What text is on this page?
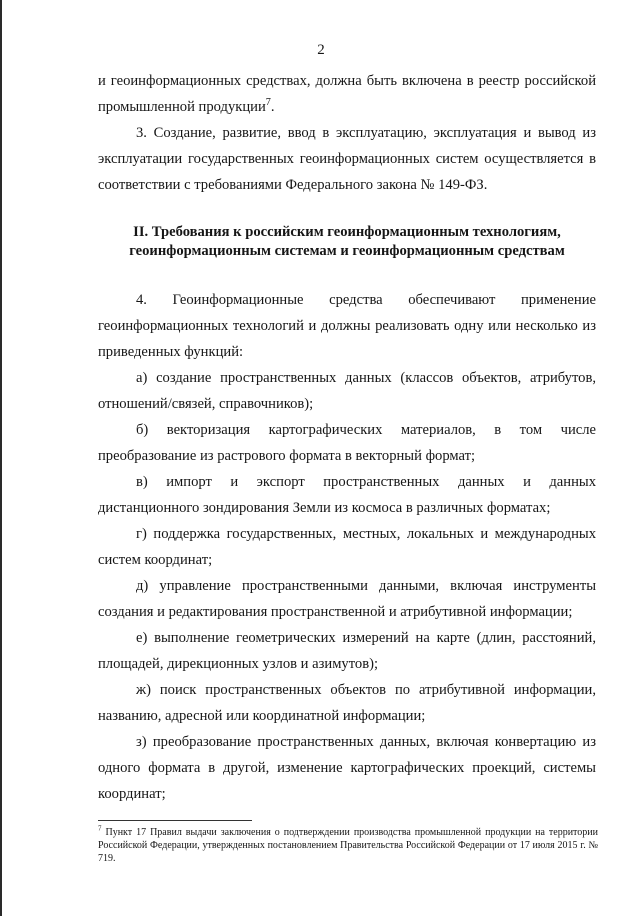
2

и геоинформационных средствах, должна быть включена в реестр российской промышленной продукции$^7$.

3. Создание, развитие, ввод в эксплуатацию, эксплуатация и вывод из эксплуатации государственных геоинформационных систем осуществляется в соответствии с требованиями Федерального закона № 149-ФЗ.

II. Требования к российским геоинформационным технологиям,
геоинформационным системам и геоинформационным средствам

4. Геоинформационные средства обеспечивают применение геоинформационных технологий и должны реализовать одну или несколько из приведенных функций:

а) создание пространственных данных (классов объектов, атрибутов, отношений/связей, справочников);

б) векторизация картографических материалов, в том числе преобразование из растрового формата в векторный формат;

в) импорт и экспорт пространственных данных и данных дистанционного зондирования Земли из космоса в различных форматах;

г) поддержка государственных, местных, локальных и международных систем координат;

д) управление пространственными данными, включая инструменты создания и редактирования пространственной и атрибутивной информации;

е) выполнение геометрических измерений на карте (длин, расстояний, площадей, дирекционных узлов и азимутов);

ж) поиск пространственных объектов по атрибутивной информации, названию, адресной или координатной информации;

з) преобразование пространственных данных, включая конвертацию из одного формата в другой, изменение картографических проекций, системы координат;

$^7$ Пункт 17 Правил выдачи заключения о подтверждении производства промышленной продукции на территории Российской Федерации, утвержденных постановлением Правительства Российской Федерации от 17 июля 2015 г. № 719.
